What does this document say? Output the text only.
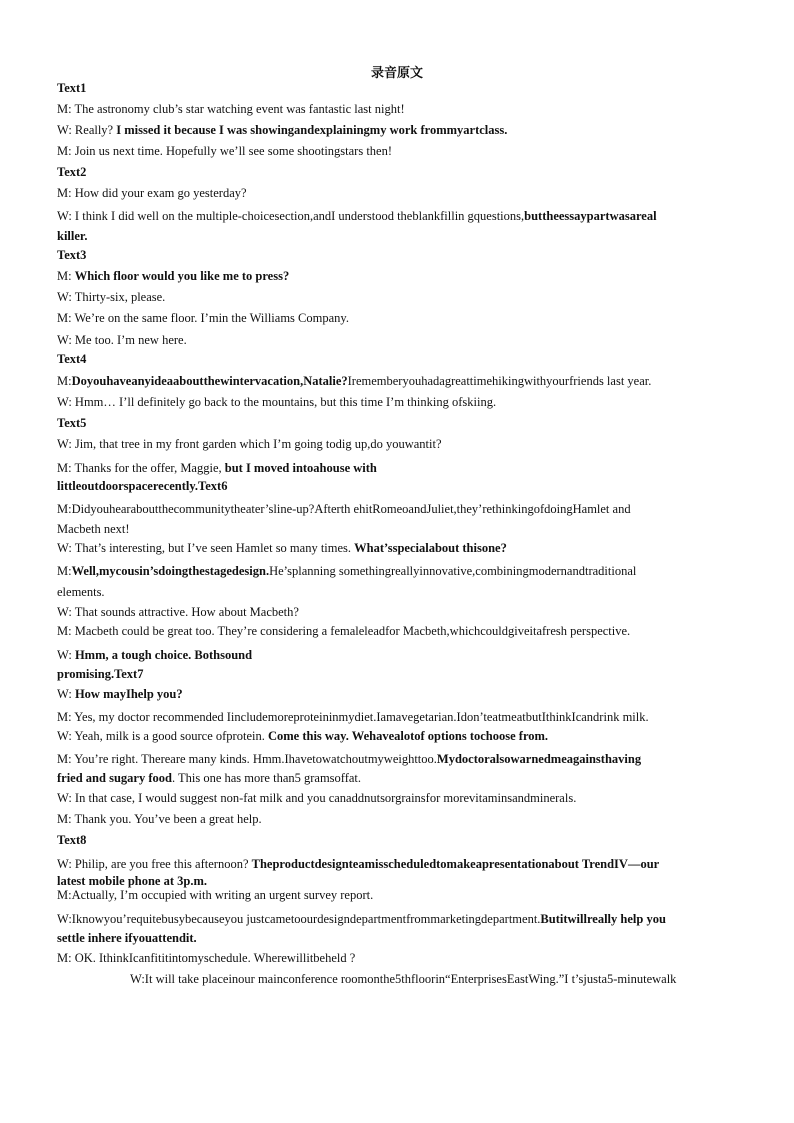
录音原文
Text1
M: The astronomy club’s star watching event was fantastic last night!
W: Really? I missed it because I was showingandexplainingmy work frommyartclass.
M: Join us next time. Hopefully we’ll see some shootingstars then!
Text2
M: How did your exam go yesterday?
W: I think I did well on the multiple-choicesection,andI understood theblankfillin gquestions,buttheessaypartwasareal
killer.
Text3
M: Which floor would you like me to press?
W: Thirty-six, please.
M: We’re on the same floor. I’min the Williams Company.
W: Me too. I’m new here.
Text4
M:Doyouhaveanyideaaboutthewintervacation,Natalie?Irememberyouhadagreattimehikingwithyourfriends last year.
W: Hmm… I’ll definitely go back to the mountains, but this time I’m thinking ofskiing.
Text5
W: Jim, that tree in my front garden which I’m going todig up,do youwantit?
M: Thanks for the offer, Maggie, but I moved intoahouse with
littleoutdoorspacerecently.Text6
M:Didyouhearaboutthecommunitytheater’sline-up?Afterth ehitRomeoandJuliet,they’rethinkingofdoingHamlet and
Macbeth next!
W: That’s interesting, but I’ve seen Hamlet so many times. What’sspecialabout thisone?
M:Well,mycousin’sdoingthestagedesign.He’splanning somethingreallyinnovative,combiningmodernandtraditional
elements.
W: That sounds attractive. How about Macbeth?
M: Macbeth could be great too. They’re considering a femaleleadfor Macbeth,whichcouldgiveitafresh perspective.
W: Hmm, a tough choice. Bothsound
promising.Text7
W: How mayIhelp you?
M: Yes, my doctor recommended Iincludemoreproteininmydiet.Iamavegetarian.Idon’teatmeatbutIthinkIcandrink milk.
W: Yeah, milk is a good source ofprotein. Come this way. Wehavealotof options tochoose from.
M: You’re right. Thereare many kinds. Hmm.Ihavetowatchoutmyweighttoo.Mydoctoralsowarnedmeagainsthaving
fried and sugary food. This one has more than5 gramsoffat.
W: In that case, I would suggest non-fat milk and you canaddnutsorgrainsfor morevitaminsandminerals.
M: Thank you. You’ve been a great help.
Text8
W: Philip, are you free this afternoon? Theproductdesignteamisscheduledtomakeapresentationabout TrendIV—our
latest mobile phone at 3p.m.
M:Actually, I’m occupied with writing an urgent survey report.
W:Iknowyou’requitebusybecauseyou justcametoourdesigndepartmentfrommarketingdepartment.Butitwillreally help you
settle inhere ifyouattendit.
M: OK. IthinkIcanfititintomyschedule. Wherewillitbeheld ?
W:It will take placeinour mainconference roomonthe5thfloorin“EnterprisesEastWing.”I t’sjusta5-minutewalk
